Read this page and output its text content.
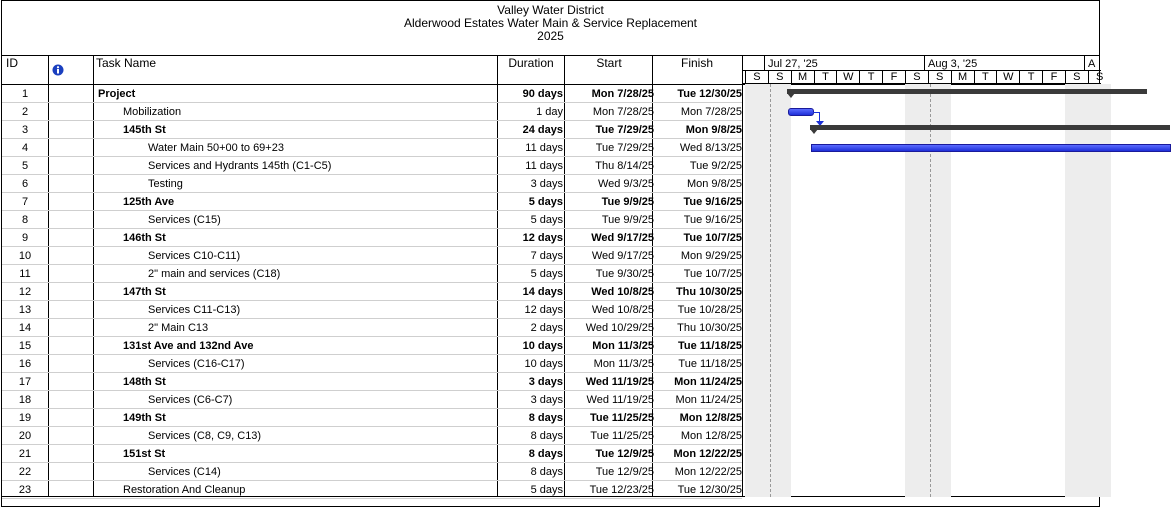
Valley Water District
Alderwood Estates Water Main & Service Replacement
2025
ID	Task Name	Duration	Start	Finish
1	Project	90 days	Mon 7/28/25	Tue 12/30/25
2	Mobilization	1 day	Mon 7/28/25	Mon 7/28/25
3	145th St	24 days	Tue 7/29/25	Mon 9/8/25
4	Water Main 50+00 to 69+23	11 days	Tue 7/29/25	Wed 8/13/25
5	Services and Hydrants 145th (C1-C5)	11 days	Thu 8/14/25	Tue 9/2/25
6	Testing	3 days	Wed 9/3/25	Mon 9/8/25
7	125th Ave	5 days	Tue 9/9/25	Tue 9/16/25
8	Services (C15)	5 days	Tue 9/9/25	Tue 9/16/25
9	146th St	12 days	Wed 9/17/25	Tue 10/7/25
10	Services C10-C11)	7 days	Wed 9/17/25	Mon 9/29/25
11	2" main and services (C18)	5 days	Tue 9/30/25	Tue 10/7/25
12	147th St	14 days	Wed 10/8/25	Thu 10/30/25
13	Services C11-C13)	12 days	Wed 10/8/25	Tue 10/28/25
14	2" Main C13	2 days	Wed 10/29/25	Thu 10/30/25
15	131st Ave and 132nd Ave	10 days	Mon 11/3/25	Tue 11/18/25
16	Services (C16-C17)	10 days	Mon 11/3/25	Tue 11/18/25
17	148th St	3 days	Wed 11/19/25	Mon 11/24/25
18	Services (C6-C7)	3 days	Wed 11/19/25	Mon 11/24/25
19	149th St	8 days	Tue 11/25/25	Mon 12/8/25
20	Services (C8, C9, C13)	8 days	Tue 11/25/25	Mon 12/8/25
21	151st St	8 days	Tue 12/9/25	Mon 12/22/25
22	Services (C14)	8 days	Tue 12/9/25	Mon 12/22/25
23	Restoration And Cleanup	5 days	Tue 12/23/25	Tue 12/30/25
Jul 27, '25	Aug 3, '25	A
S	S	M	T	W	T	F	S	S	M	T	W	T	F	S	S
